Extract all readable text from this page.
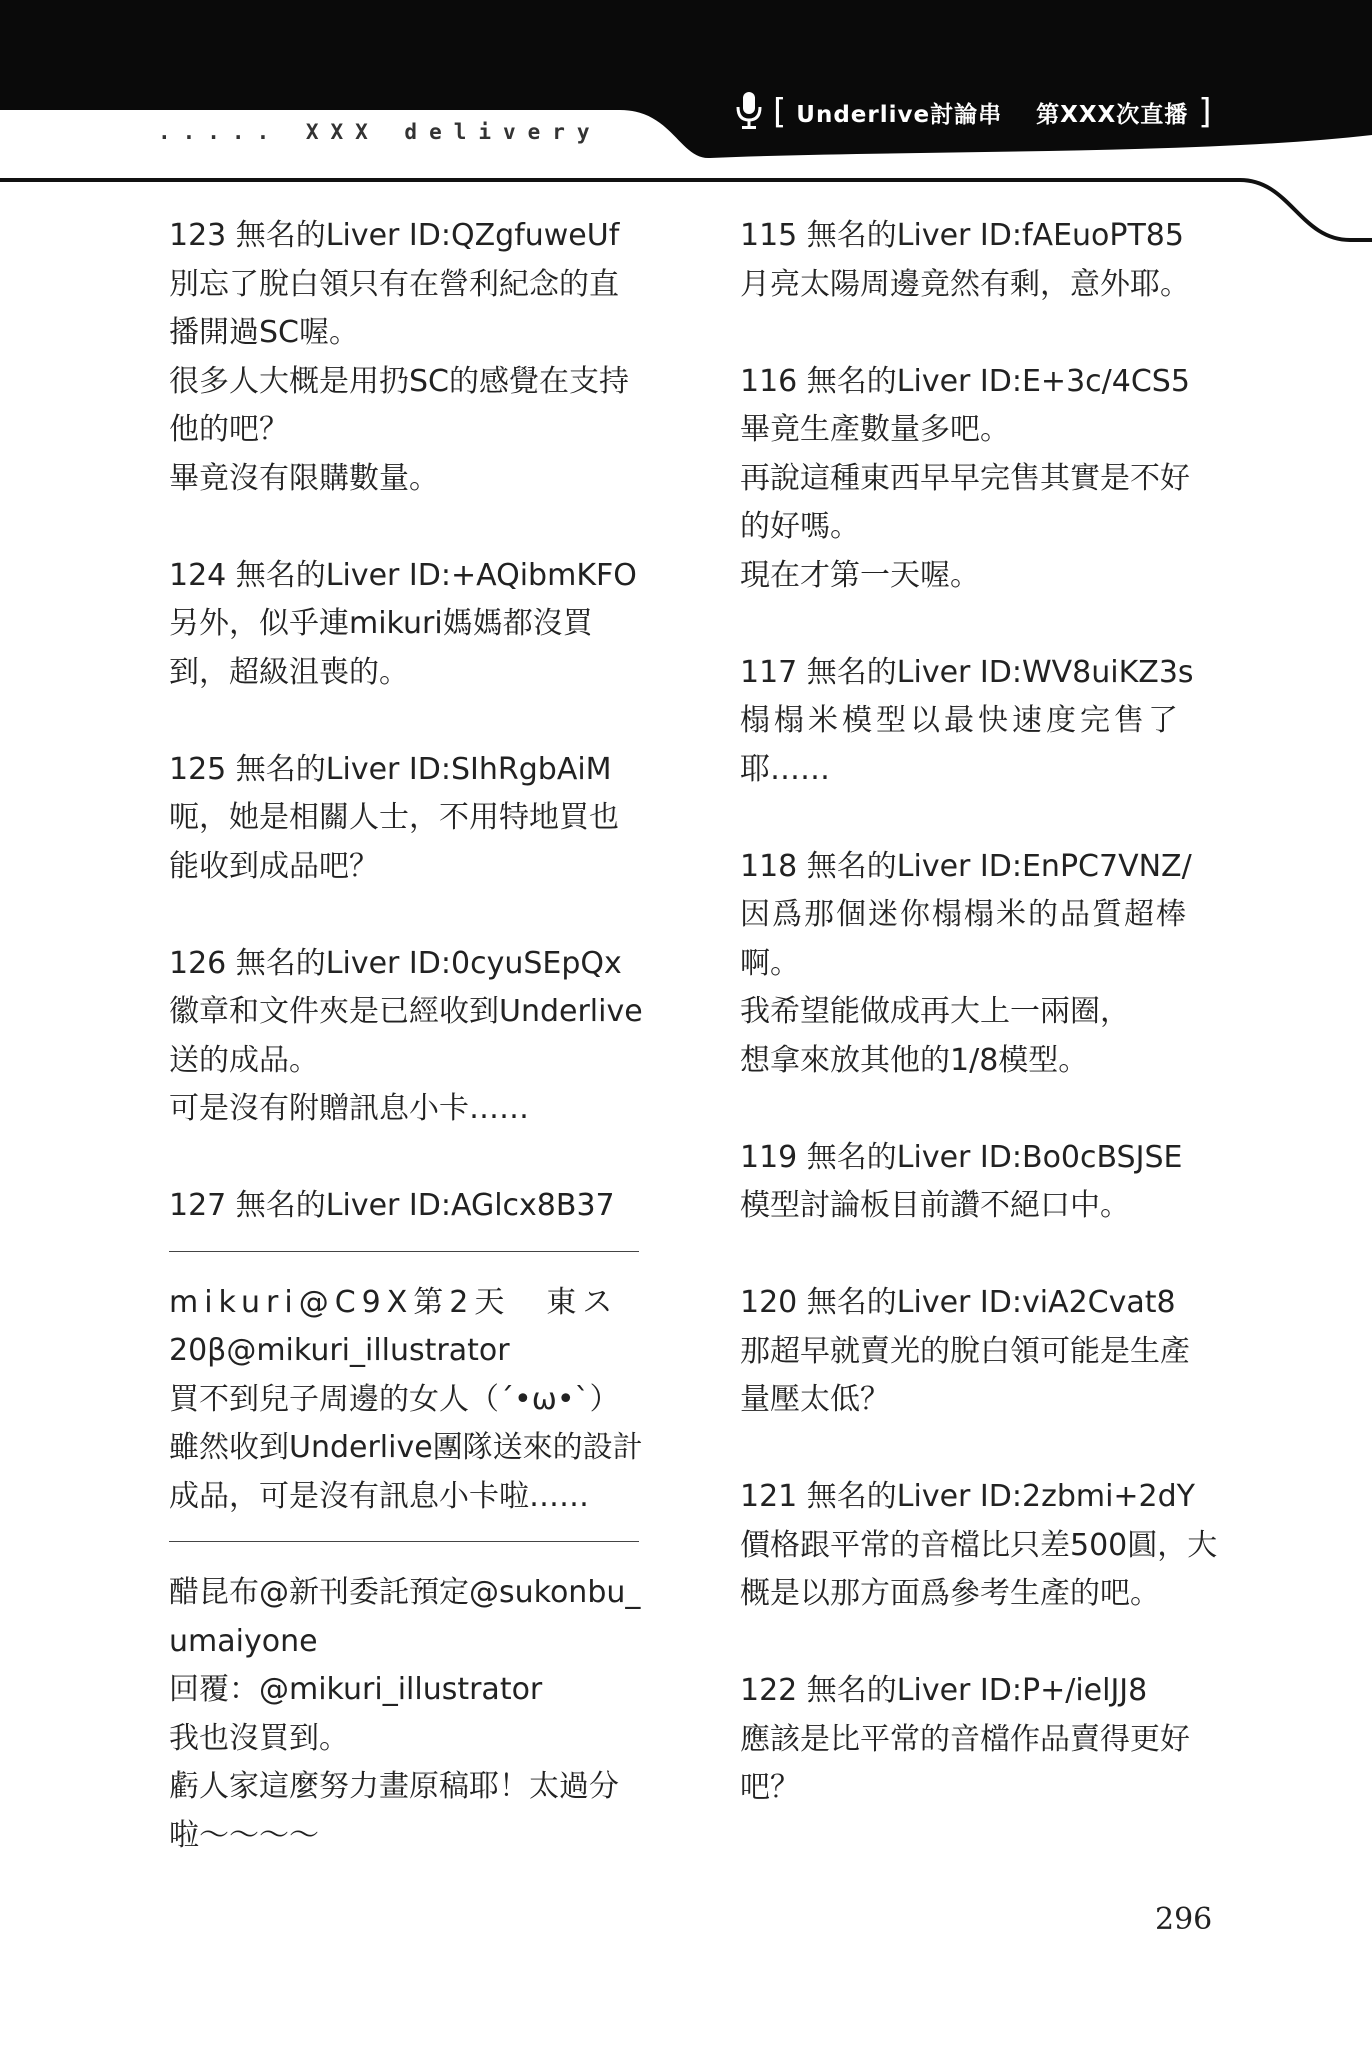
..... XXX delivery	[ Underlive討論串 第XXX次直播 ]
123 無名的Liver ID:QZgfuweUf
別忘了脫白領只有在營利紀念的直
播開過SC喔。
很多人大概是用扔SC的感覺在支持
他的吧？
畢竟沒有限購數量。
124 無名的Liver ID:+AQibmKFO
另外，似乎連mikuri媽媽都沒買
到，超級沮喪的。
125 無名的Liver ID:SIhRgbAiM
呃，她是相關人士，不用特地買也
能收到成品吧？
126 無名的Liver ID:0cyuSEpQx
徽章和文件夾是已經收到Underlive
送的成品。
可是沒有附贈訊息小卡……
127 無名的Liver ID:AGlcx8B37
mikuri@C9X第2天　東ス
20β@mikuri_illustrator
買不到兒子周邊的女人（´•ω•`）
雖然收到Underlive團隊送來的設計
成品，可是沒有訊息小卡啦……
醋昆布@新刊委託預定@sukonbu_
umaiyone
回覆：@mikuri_illustrator
我也沒買到。
虧人家這麼努力畫原稿耶！太過分
啦〜〜〜〜
115 無名的Liver ID:fAEuoPT85
月亮太陽周邊竟然有剩，意外耶。
116 無名的Liver ID:E+3c/4CS5
畢竟生產數量多吧。
再說這種東西早早完售其實是不好
的好嗎。
現在才第一天喔。
117 無名的Liver ID:WV8uiKZ3s
榻榻米模型以最快速度完售了
耶……
118 無名的Liver ID:EnPC7VNZ/
因爲那個迷你榻榻米的品質超棒
啊。
我希望能做成再大上一兩圈，
想拿來放其他的1/8模型。
119 無名的Liver ID:Bo0cBSJSE
模型討論板目前讚不絕口中。
120 無名的Liver ID:viA2Cvat8
那超早就賣光的脫白領可能是生產
量壓太低？
121 無名的Liver ID:2zbmi+2dY
價格跟平常的音檔比只差500圓，大
概是以那方面爲參考生產的吧。
122 無名的Liver ID:P+/ielJJ8
應該是比平常的音檔作品賣得更好
吧？
296
